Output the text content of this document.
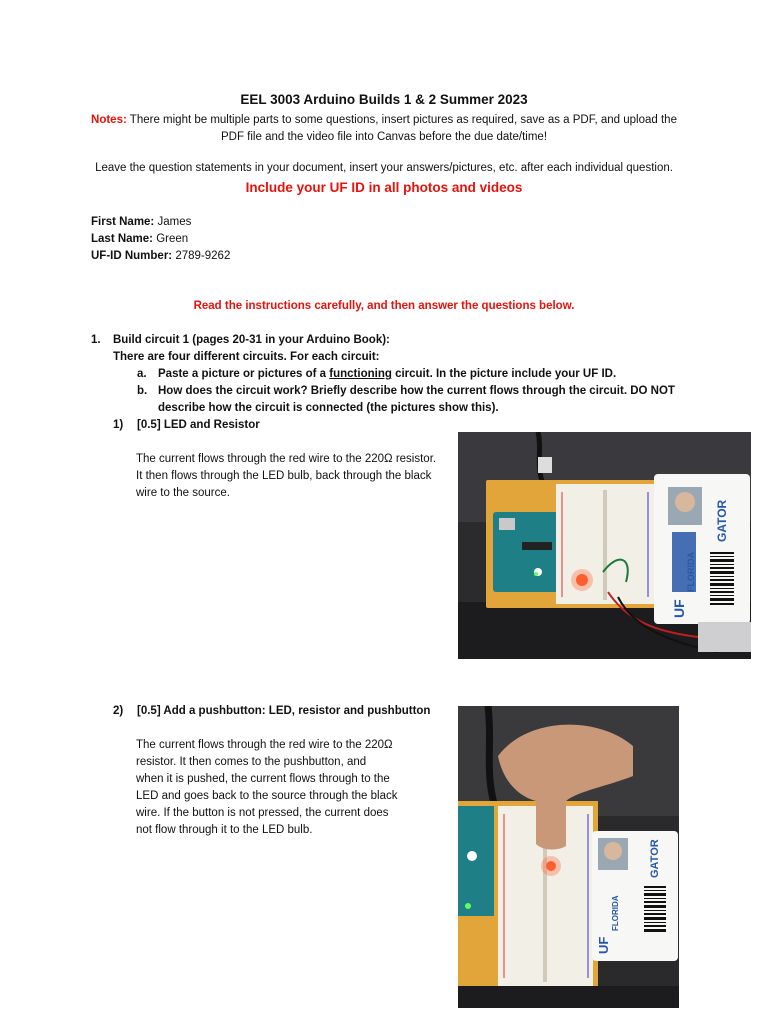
EEL 3003 Arduino Builds 1 & 2 Summer 2023
Notes: There might be multiple parts to some questions, insert pictures as required, save as a PDF, and upload the
PDF file and the video file into Canvas before the due date/time!
Leave the question statements in your document, insert your answers/pictures, etc. after each individual question.
Include your UF ID in all photos and videos
First Name: James
Last Name: Green
UF-ID Number: 2789-9262
Read the instructions carefully, and then answer the questions below.
1. Build circuit 1 (pages 20-31 in your Arduino Book):
There are four different circuits. For each circuit:
a. Paste a picture or pictures of a functioning circuit. In the picture include your UF ID.
b. How does the circuit work? Briefly describe how the current flows through the circuit. DO NOT
describe how the circuit is connected (the pictures show this).
1) [0.5] LED and Resistor
The current flows through the red wire to the 220Ω resistor.
It then flows through the LED bulb, back through the black
wire to the source.
UF
FLORIDA
GATOR
2) [0.5] Add a pushbutton: LED, resistor and pushbutton
The current flows through the red wire to the 220Ω
resistor. It then comes to the pushbutton, and
when it is pushed, the current flows through to the
LED and goes back to the source through the black
wire. If the button is not pressed, the current does
not flow through it to the LED bulb.
UF
FLORIDA
GATOR
